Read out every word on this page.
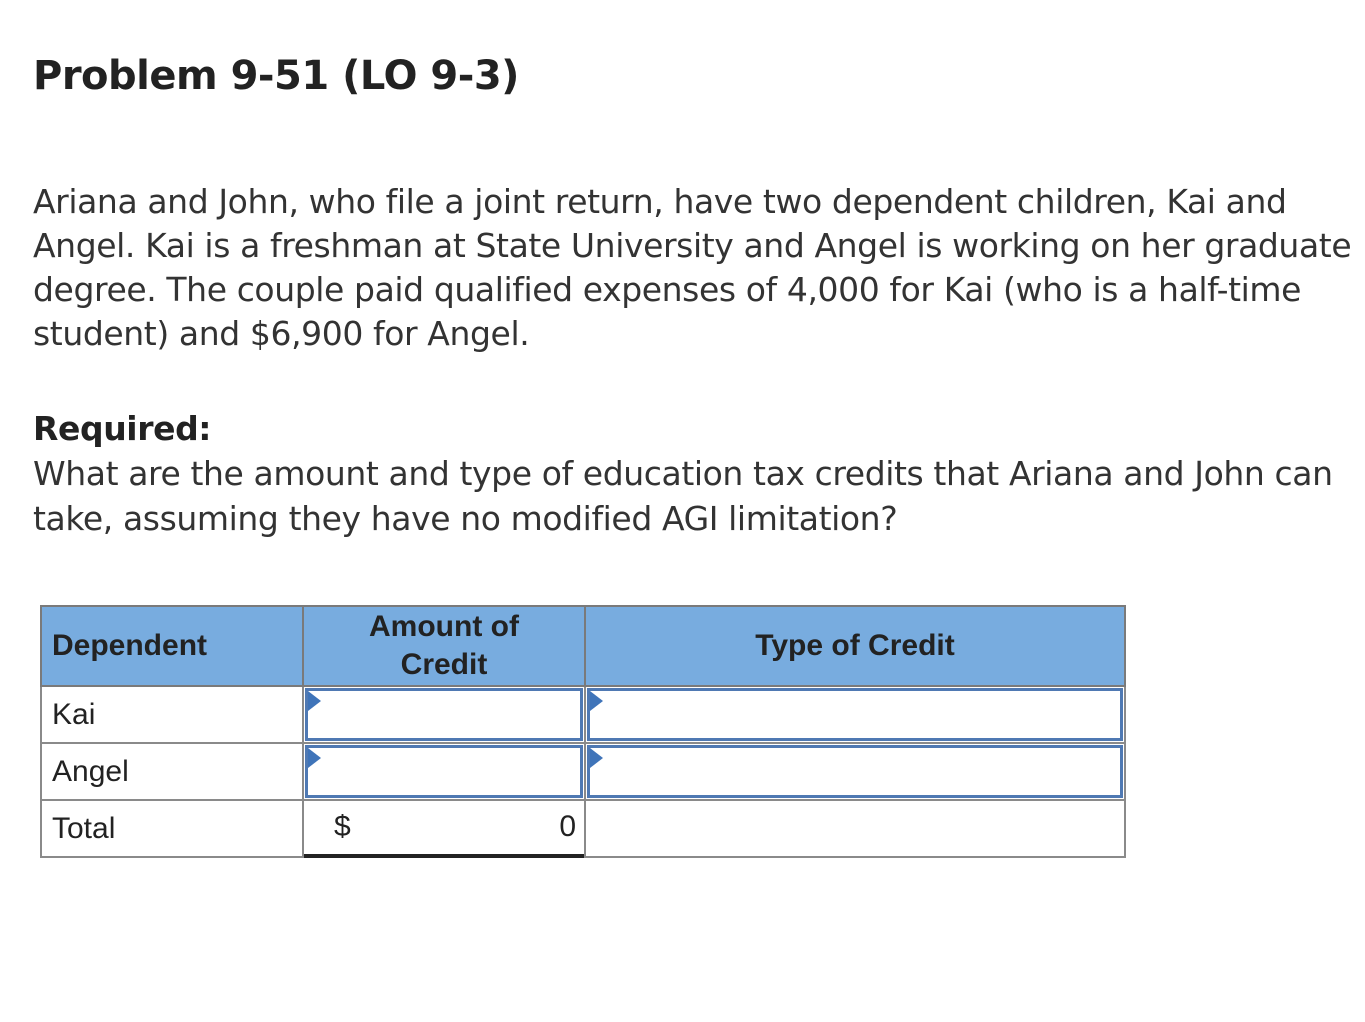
Problem 9-51 (LO 9-3)

Ariana and John, who file a joint return, have two dependent children, Kai and Angel. Kai is a freshman at State University and Angel is working on her graduate degree. The couple paid qualified expenses of 4,000 for Kai (who is a half-time student) and $6,900 for Angel.

Required:
What are the amount and type of education tax credits that Ariana and John can take, assuming they have no modified AGI limitation?
Dependent	Amount of Credit	Type of Credit
Kai	

Angel	

Total	$ 0	
